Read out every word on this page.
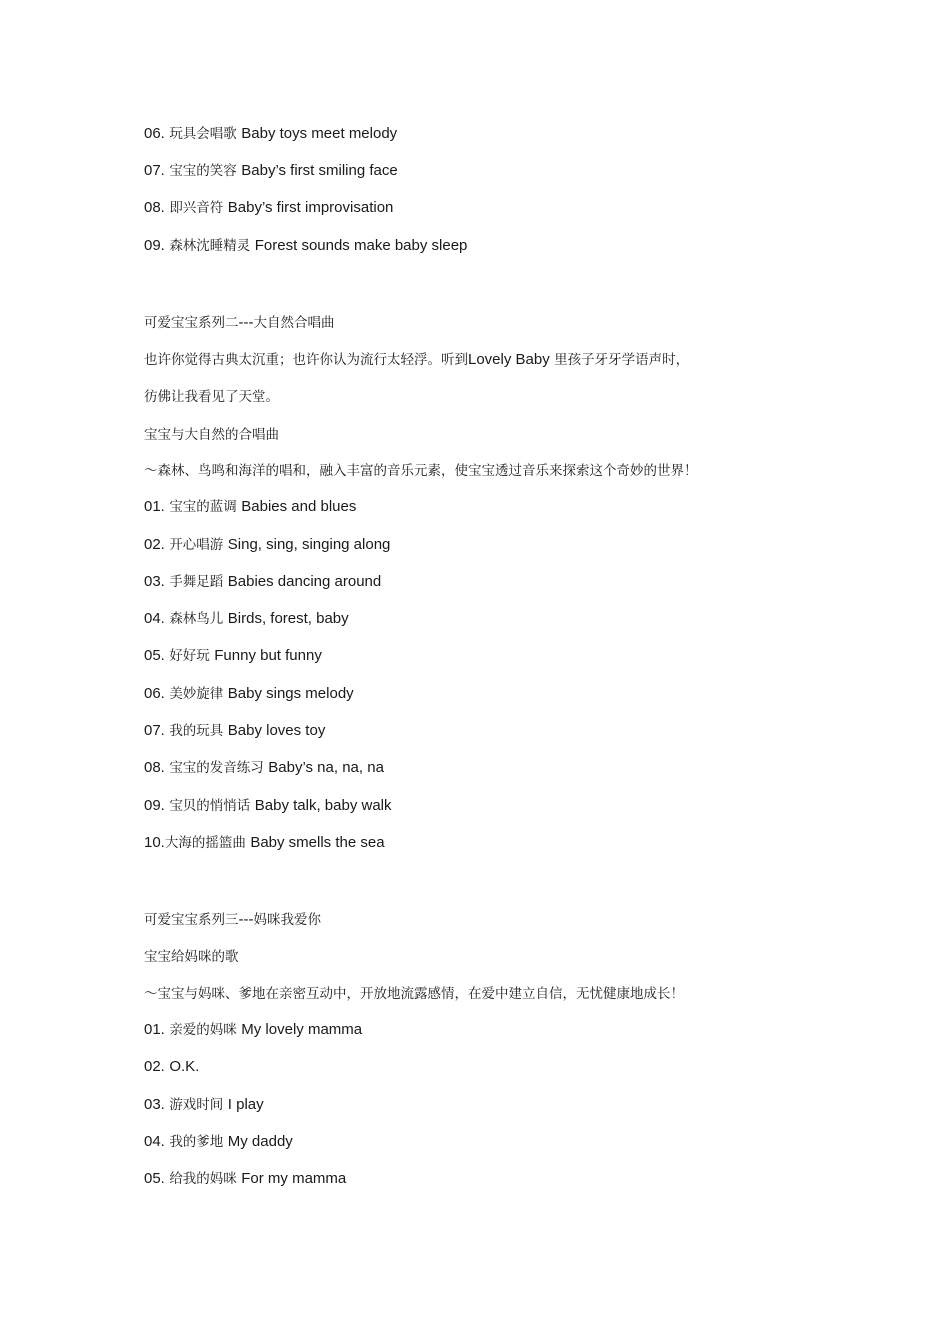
06. 玩具会唱歌 Baby toys meet melody
07. 宝宝的笑容 Baby’s first smiling face
08. 即兴音符 Baby’s first improvisation
09. 森林沈睡精灵 Forest sounds make baby sleep
可爱宝宝系列二---大自然合唱曲
也许你觉得古典太沉重；也许你认为流行太轻浮。听到Lovely Baby 里孩子牙牙学语声时，
彷佛让我看见了天堂。
宝宝与大自然的合唱曲
～森林、鸟鸣和海洋的唱和，融入丰富的音乐元素，使宝宝透过音乐来探索这个奇妙的世界！
01. 宝宝的蓝调 Babies and blues
02. 开心唱游 Sing, sing, singing along
03. 手舞足蹈 Babies dancing around
04. 森林鸟儿 Birds, forest, baby
05. 好好玩 Funny but funny
06. 美妙旋律 Baby sings melody
07. 我的玩具 Baby loves toy
08. 宝宝的发音练习 Baby’s na, na, na
09. 宝贝的悄悄话 Baby talk, baby walk
10.大海的摇篮曲 Baby smells the sea
可爱宝宝系列三---妈咪我爱你
宝宝给妈咪的歌
～宝宝与妈咪、爹地在亲密互动中，开放地流露感情，在爱中建立自信，无忧健康地成长！
01. 亲爱的妈咪 My lovely mamma
02. O.K.
03. 游戏时间 I play
04. 我的爹地 My daddy
05. 给我的妈咪 For my mamma
